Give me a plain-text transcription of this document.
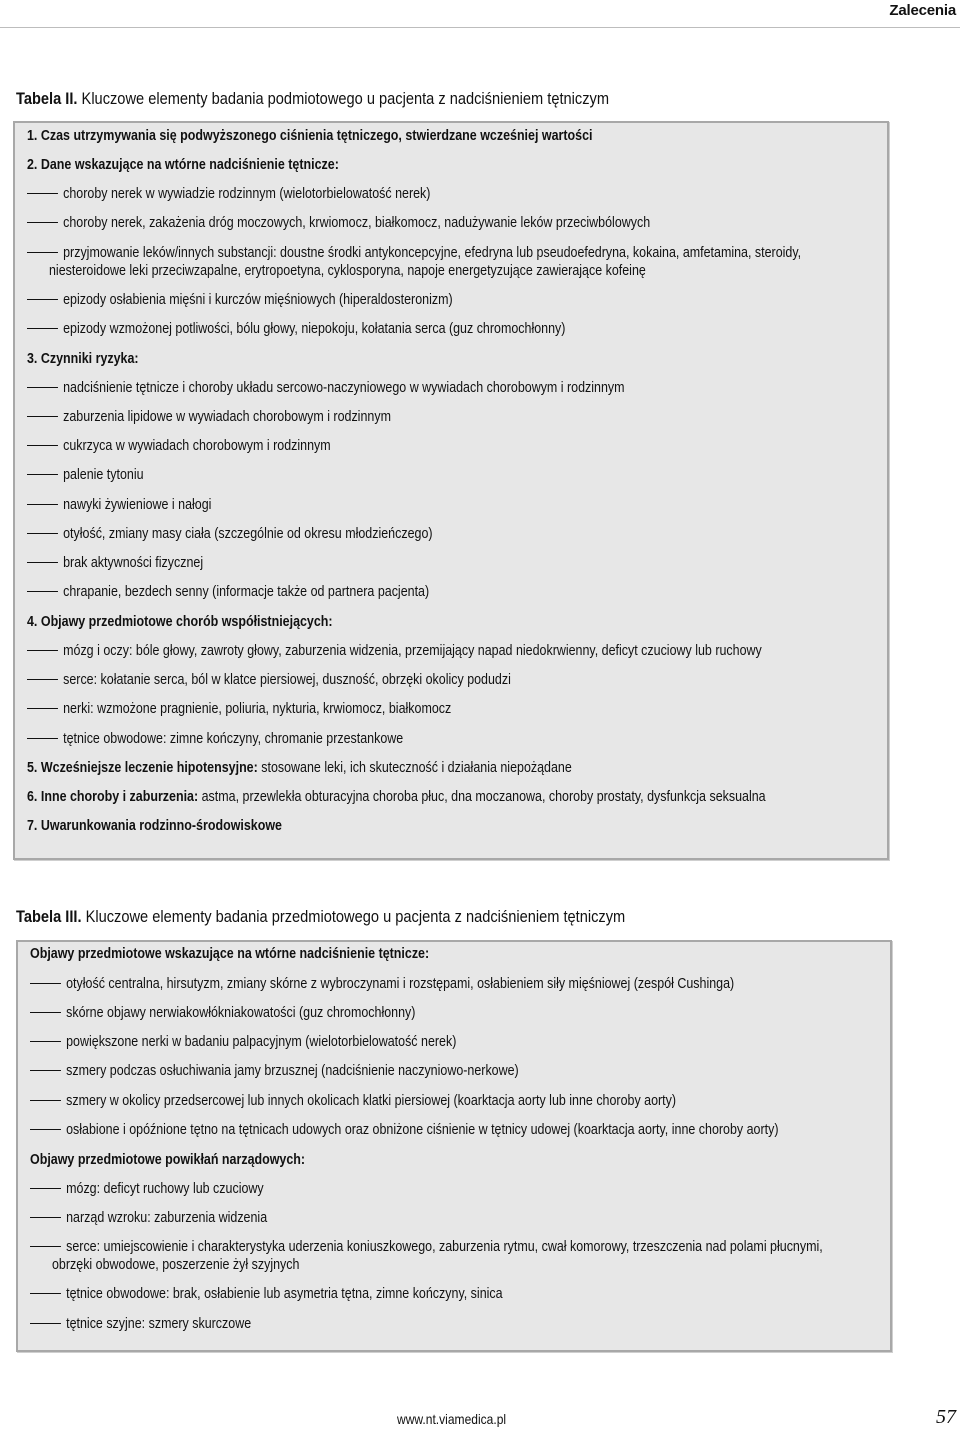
Zalecenia
Tabela II. Kluczowe elementy badania podmiotowego u pacjenta z nadciśnieniem tętniczym
1. Czas utrzymywania się podwyższonego ciśnienia tętniczego, stwierdzane wcześniej wartości
2. Dane wskazujące na wtórne nadciśnienie tętnicze:
choroby nerek w wywiadzie rodzinnym (wielotorbielowatość nerek)
choroby nerek, zakażenia dróg moczowych, krwiomocz, białkomocz, nadużywanie leków przeciwbólowych
przyjmowanie leków/innych substancji: doustne środki antykoncepcyjne, efedryna lub pseudoefedryna, kokaina, amfetamina, steroidy,
niesteroidowe leki przeciwzapalne, erytropoetyna, cyklosporyna, napoje energetyzujące zawierające kofeinę
epizody osłabienia mięśni i kurczów mięśniowych (hiperaldosteronizm)
epizody wzmożonej potliwości, bólu głowy, niepokoju, kołatania serca (guz chromochłonny)
3. Czynniki ryzyka:
nadciśnienie tętnicze i choroby układu sercowo-naczyniowego w wywiadach chorobowym i rodzinnym
zaburzenia lipidowe w wywiadach chorobowym i rodzinnym
cukrzyca w wywiadach chorobowym i rodzinnym
palenie tytoniu
nawyki żywieniowe i nałogi
otyłość, zmiany masy ciała (szczególnie od okresu młodzieńczego)
brak aktywności fizycznej
chrapanie, bezdech senny (informacje także od partnera pacjenta)
4. Objawy przedmiotowe chorób współistniejących:
mózg i oczy: bóle głowy, zawroty głowy, zaburzenia widzenia, przemijający napad niedokrwienny, deficyt czuciowy lub ruchowy
serce: kołatanie serca, ból w klatce piersiowej, duszność, obrzęki okolicy podudzi
nerki: wzmożone pragnienie, poliuria, nykturia, krwiomocz, białkomocz
tętnice obwodowe: zimne kończyny, chromanie przestankowe
5. Wcześniejsze leczenie hipotensyjne: stosowane leki, ich skuteczność i działania niepożądane
6. Inne choroby i zaburzenia: astma, przewlekła obturacyjna choroba płuc, dna moczanowa, choroby prostaty, dysfunkcja seksualna
7. Uwarunkowania rodzinno-środowiskowe
Tabela III. Kluczowe elementy badania przedmiotowego u pacjenta z nadciśnieniem tętniczym
Objawy przedmiotowe wskazujące na wtórne nadciśnienie tętnicze:
otyłość centralna, hirsutyzm, zmiany skórne z wybroczynami i rozstępami, osłabieniem siły mięśniowej (zespół Cushinga)
skórne objawy nerwiakowłókniakowatości (guz chromochłonny)
powiększone nerki w badaniu palpacyjnym (wielotorbielowatość nerek)
szmery podczas osłuchiwania jamy brzusznej (nadciśnienie naczyniowo-nerkowe)
szmery w okolicy przedsercowej lub innych okolicach klatki piersiowej (koarktacja aorty lub inne choroby aorty)
osłabione i opóźnione tętno na tętnicach udowych oraz obniżone ciśnienie w tętnicy udowej (koarktacja aorty, inne choroby aorty)
Objawy przedmiotowe powikłań narządowych:
mózg: deficyt ruchowy lub czuciowy
narząd wzroku: zaburzenia widzenia
serce: umiejscowienie i charakterystyka uderzenia koniuszkowego, zaburzenia rytmu, cwał komorowy, trzeszczenia nad polami płucnymi,
obrzęki obwodowe, poszerzenie żył szyjnych
tętnice obwodowe: brak, osłabienie lub asymetria tętna, zimne kończyny, sinica
tętnice szyjne: szmery skurczowe
www.nt.viamedica.pl	57
